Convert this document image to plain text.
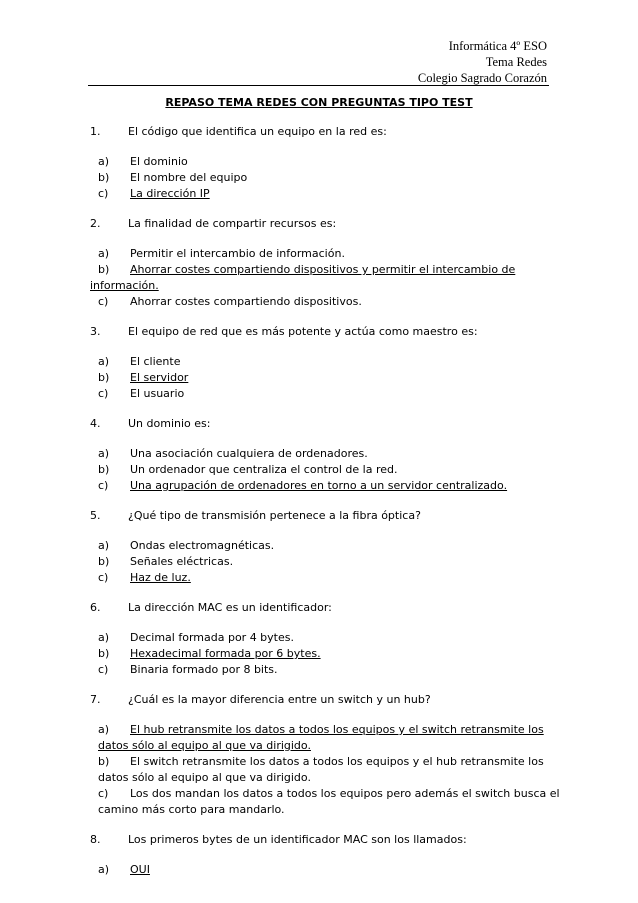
Informática 4º ESO
Tema Redes
Colegio Sagrado Corazón
REPASO TEMA REDES CON PREGUNTAS TIPO TEST
1.	El código que identifica un equipo en la red es:
a)	El dominio
b)	El nombre del equipo
c)	La dirección IP
2.	La finalidad de compartir recursos es:
a)	Permitir el intercambio de información.
b)	Ahorrar costes compartiendo dispositivos y permitir el intercambio de
información.
c)	Ahorrar costes compartiendo dispositivos.
3.	El equipo de red que es más potente y actúa como maestro es:
a)	El cliente
b)	El servidor
c)	El usuario
4.	Un dominio es:
a)	Una asociación cualquiera de ordenadores.
b)	Un ordenador que centraliza el control de la red.
c)	Una agrupación de ordenadores en torno a un servidor centralizado.
5.	¿Qué tipo de transmisión pertenece a la fibra óptica?
a)	Ondas electromagnéticas.
b)	Señales eléctricas.
c)	Haz de luz.
6.	La dirección MAC es un identificador:
a)	Decimal formada por 4 bytes.
b)	Hexadecimal formada por 6 bytes.
c)	Binaria formado por 8 bits.
7.	¿Cuál es la mayor diferencia entre un switch y un hub?
a)	El hub retransmite los datos a todos los equipos y el switch retransmite los
datos sólo al equipo al que va dirigido.
b)	El switch retransmite los datos a todos los equipos y el hub retransmite los
datos sólo al equipo al que va dirigido.
c)	Los dos mandan los datos a todos los equipos pero además el switch busca el
camino más corto para mandarlo.
8.	Los primeros bytes de un identificador MAC son los llamados:
a)	OUI
